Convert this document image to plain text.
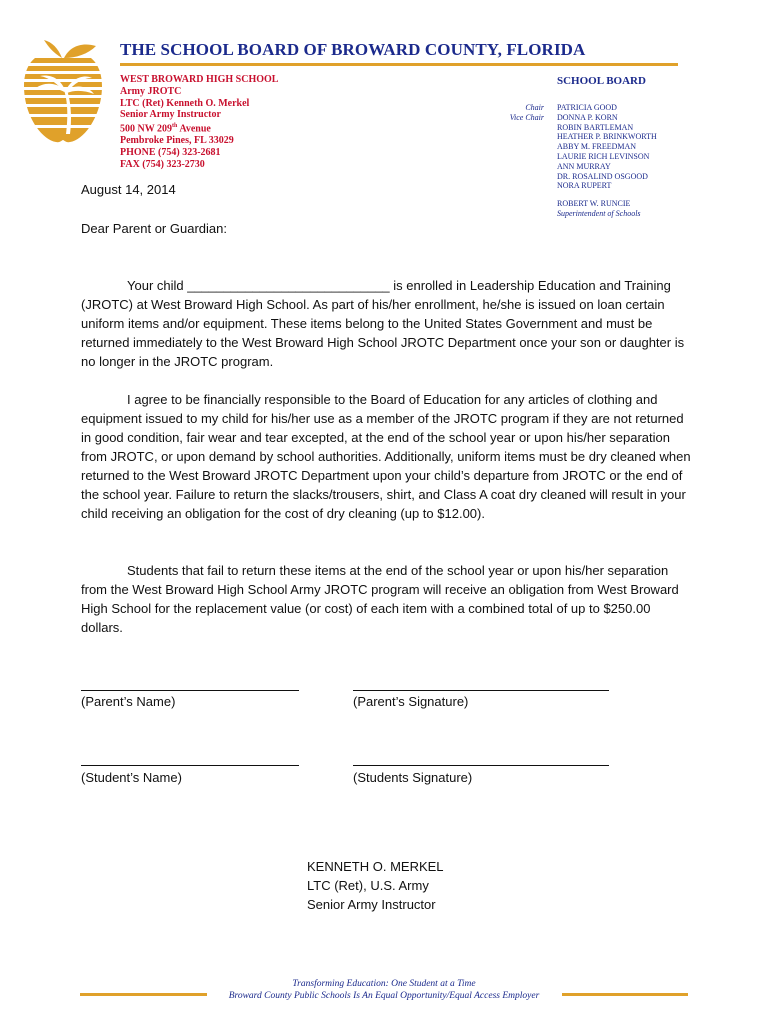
THE SCHOOL BOARD OF BROWARD COUNTY, FLORIDA
WEST BROWARD HIGH SCHOOL
Army JROTC
LTC (Ret) Kenneth O. Merkel
Senior Army Instructor
500 NW 209th Avenue
Pembroke Pines, FL 33029
PHONE (754) 323-2681
FAX (754) 323-2730
SCHOOL BOARD
Chair
Vice Chair
PATRICIA GOOD
DONNA P. KORN
ROBIN BARTLEMAN
HEATHER P. BRINKWORTH
ABBY M. FREEDMAN
LAURIE RICH LEVINSON
ANN MURRAY
DR. ROSALIND OSGOOD
NORA RUPERT
ROBERT W. RUNCIE
Superintendent of Schools
August 14, 2014
Dear Parent or Guardian:

Your child ____________________________ is enrolled in Leadership Education and Training (JROTC) at West Broward High School. As part of his/her enrollment, he/she is issued on loan certain uniform items and/or equipment. These items belong to the United States Government and must be returned immediately to the West Broward High School JROTC Department once your son or daughter is no longer in the JROTC program.

I agree to be financially responsible to the Board of Education for any articles of clothing and equipment issued to my child for his/her use as a member of the JROTC program if they are not returned in good condition, fair wear and tear excepted, at the end of the school year or upon his/her separation from JROTC, or upon demand by school authorities. Additionally, uniform items must be dry cleaned when returned to the West Broward JROTC Department upon your child’s departure from JROTC or the end of the school year. Failure to return the slacks/trousers, shirt, and Class A coat dry cleaned will result in your child receiving an obligation for the cost of dry cleaning (up to $12.00).

Students that fail to return these items at the end of the school year or upon his/her separation from the West Broward High School Army JROTC program will receive an obligation from West Broward High School for the replacement value (or cost) of each item with a combined total of up to $250.00 dollars.

(Parent’s Name)	(Parent’s Signature)
(Student’s Name)	(Students Signature)
KENNETH O. MERKEL
LTC (Ret), U.S. Army
Senior Army Instructor
Transforming Education: One Student at a Time
Broward County Public Schools Is An Equal Opportunity/Equal Access Employer
